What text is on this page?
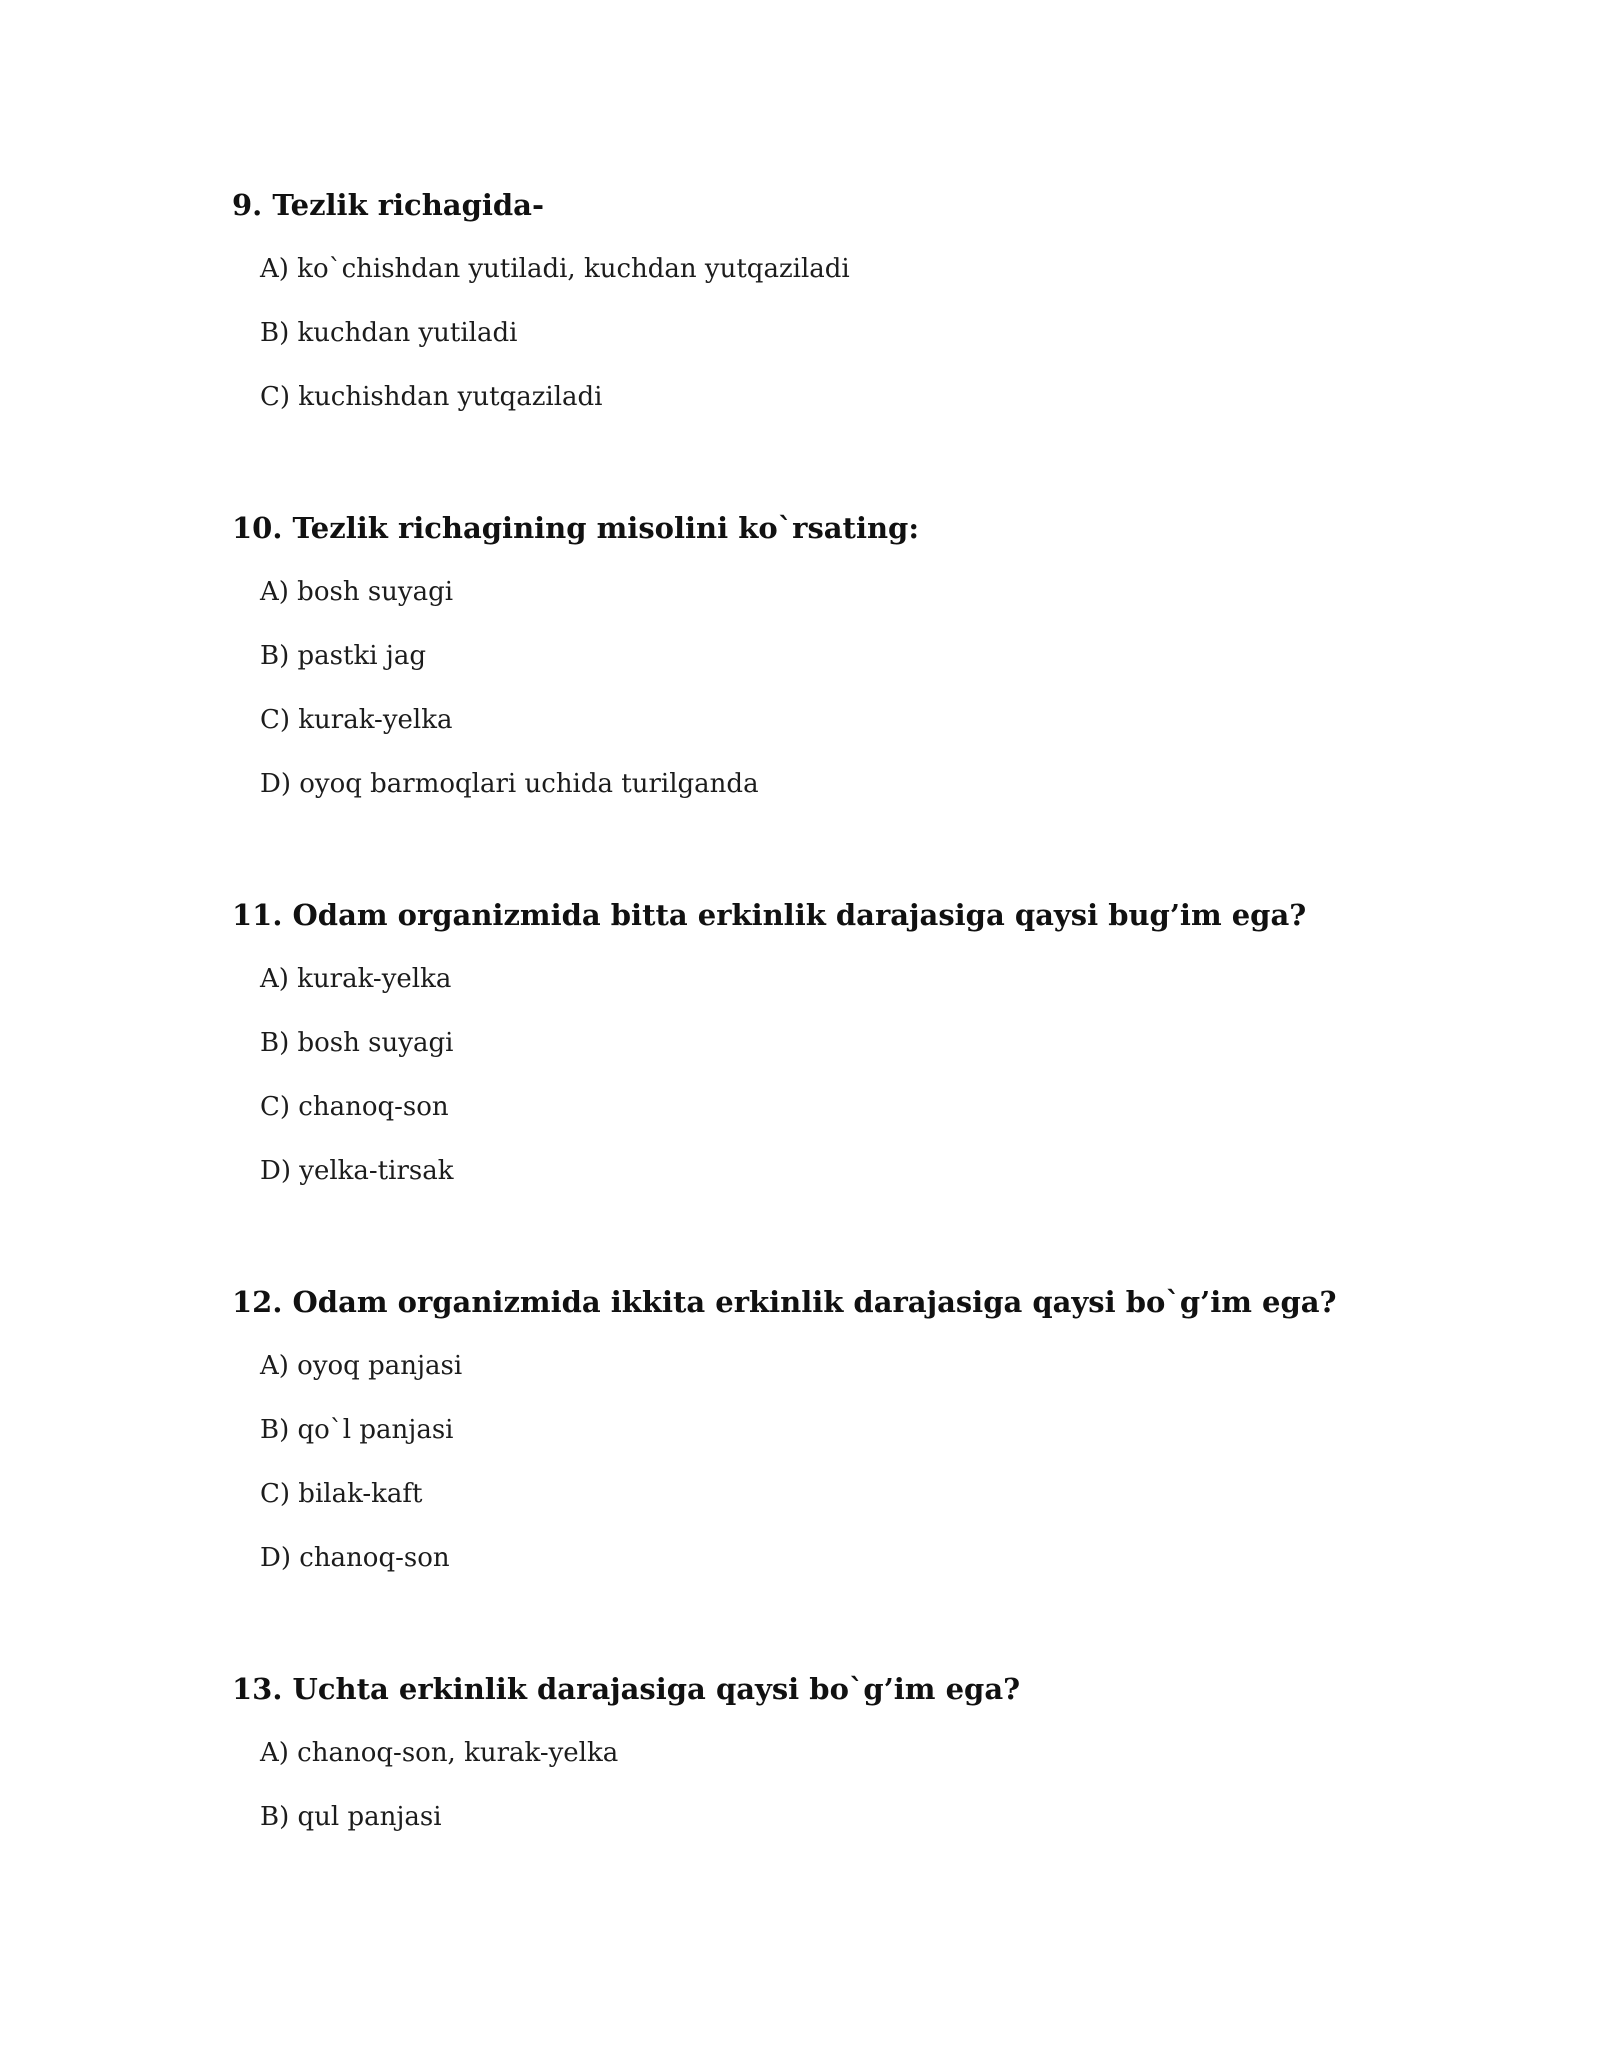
9. Tezlik richagida-

A) ko`chishdan yutiladi, kuchdan yutqaziladi
B) kuchdan yutiladi
C) kuchishdan yutqaziladi

10. Tezlik richagining misolini ko`rsating:

A) bosh suyagi
B) pastki jag
C) kurak-yelka
D) oyoq barmoqlari uchida turilganda

11. Odam organizmida bitta erkinlik darajasiga qaysi bug’im ega?

A) kurak-yelka
B) bosh suyagi
C) chanoq-son
D) yelka-tirsak

12. Odam organizmida ikkita erkinlik darajasiga qaysi bo`g’im ega?

A) oyoq panjasi
B) qo`l panjasi
C) bilak-kaft
D) chanoq-son

13. Uchta erkinlik darajasiga qaysi bo`g’im ega?

A) chanoq-son, kurak-yelka
B) qul panjasi
